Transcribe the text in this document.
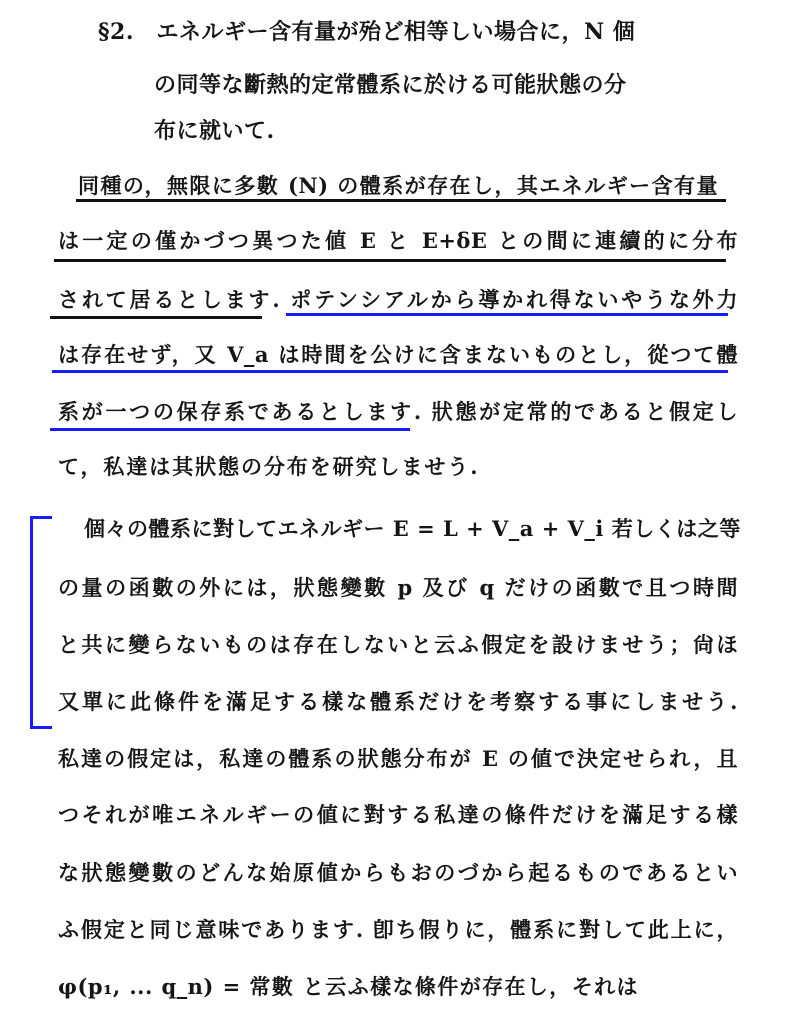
§2.　エネルギー含有量が殆ど相等しい場合に，N 個
の同等な斷熱的定常體系に於ける可能狀態の分
布に就いて.
同種の，無限に多數 (N) の體系が存在し，其エネルギー含有量
は一定の僅かづつ異つた値 E と E+δE との間に連續的に分布
されて居るとします. ポテンシアルから導かれ得ないやうな外力
は存在せず，又 V_a は時間を公けに含まないものとし，從つて體
系が一つの保存系であるとします. 狀態が定常的であると假定し
て，私達は其狀態の分布を研究しませう.
個々の體系に對してエネルギー E = L + V_a + V_i 若しくは之等
の量の函數の外には，狀態變數 p 及び q だけの函數で且つ時間
と共に變らないものは存在しないと云ふ假定を設けませう；尙ほ
又單に此條件を滿足する樣な體系だけを考察する事にしませう.
私達の假定は，私達の體系の狀態分布が E の値で決定せられ，且
つそれが唯エネルギーの値に對する私達の條件だけを滿足する樣
な狀態變數のどんな始原値からもおのづから起るものであるとい
ふ假定と同じ意味であります. 卽ち假りに，體系に對して此上に，
φ(p₁, ... q_n) = 常數 と云ふ樣な條件が存在し，それは
